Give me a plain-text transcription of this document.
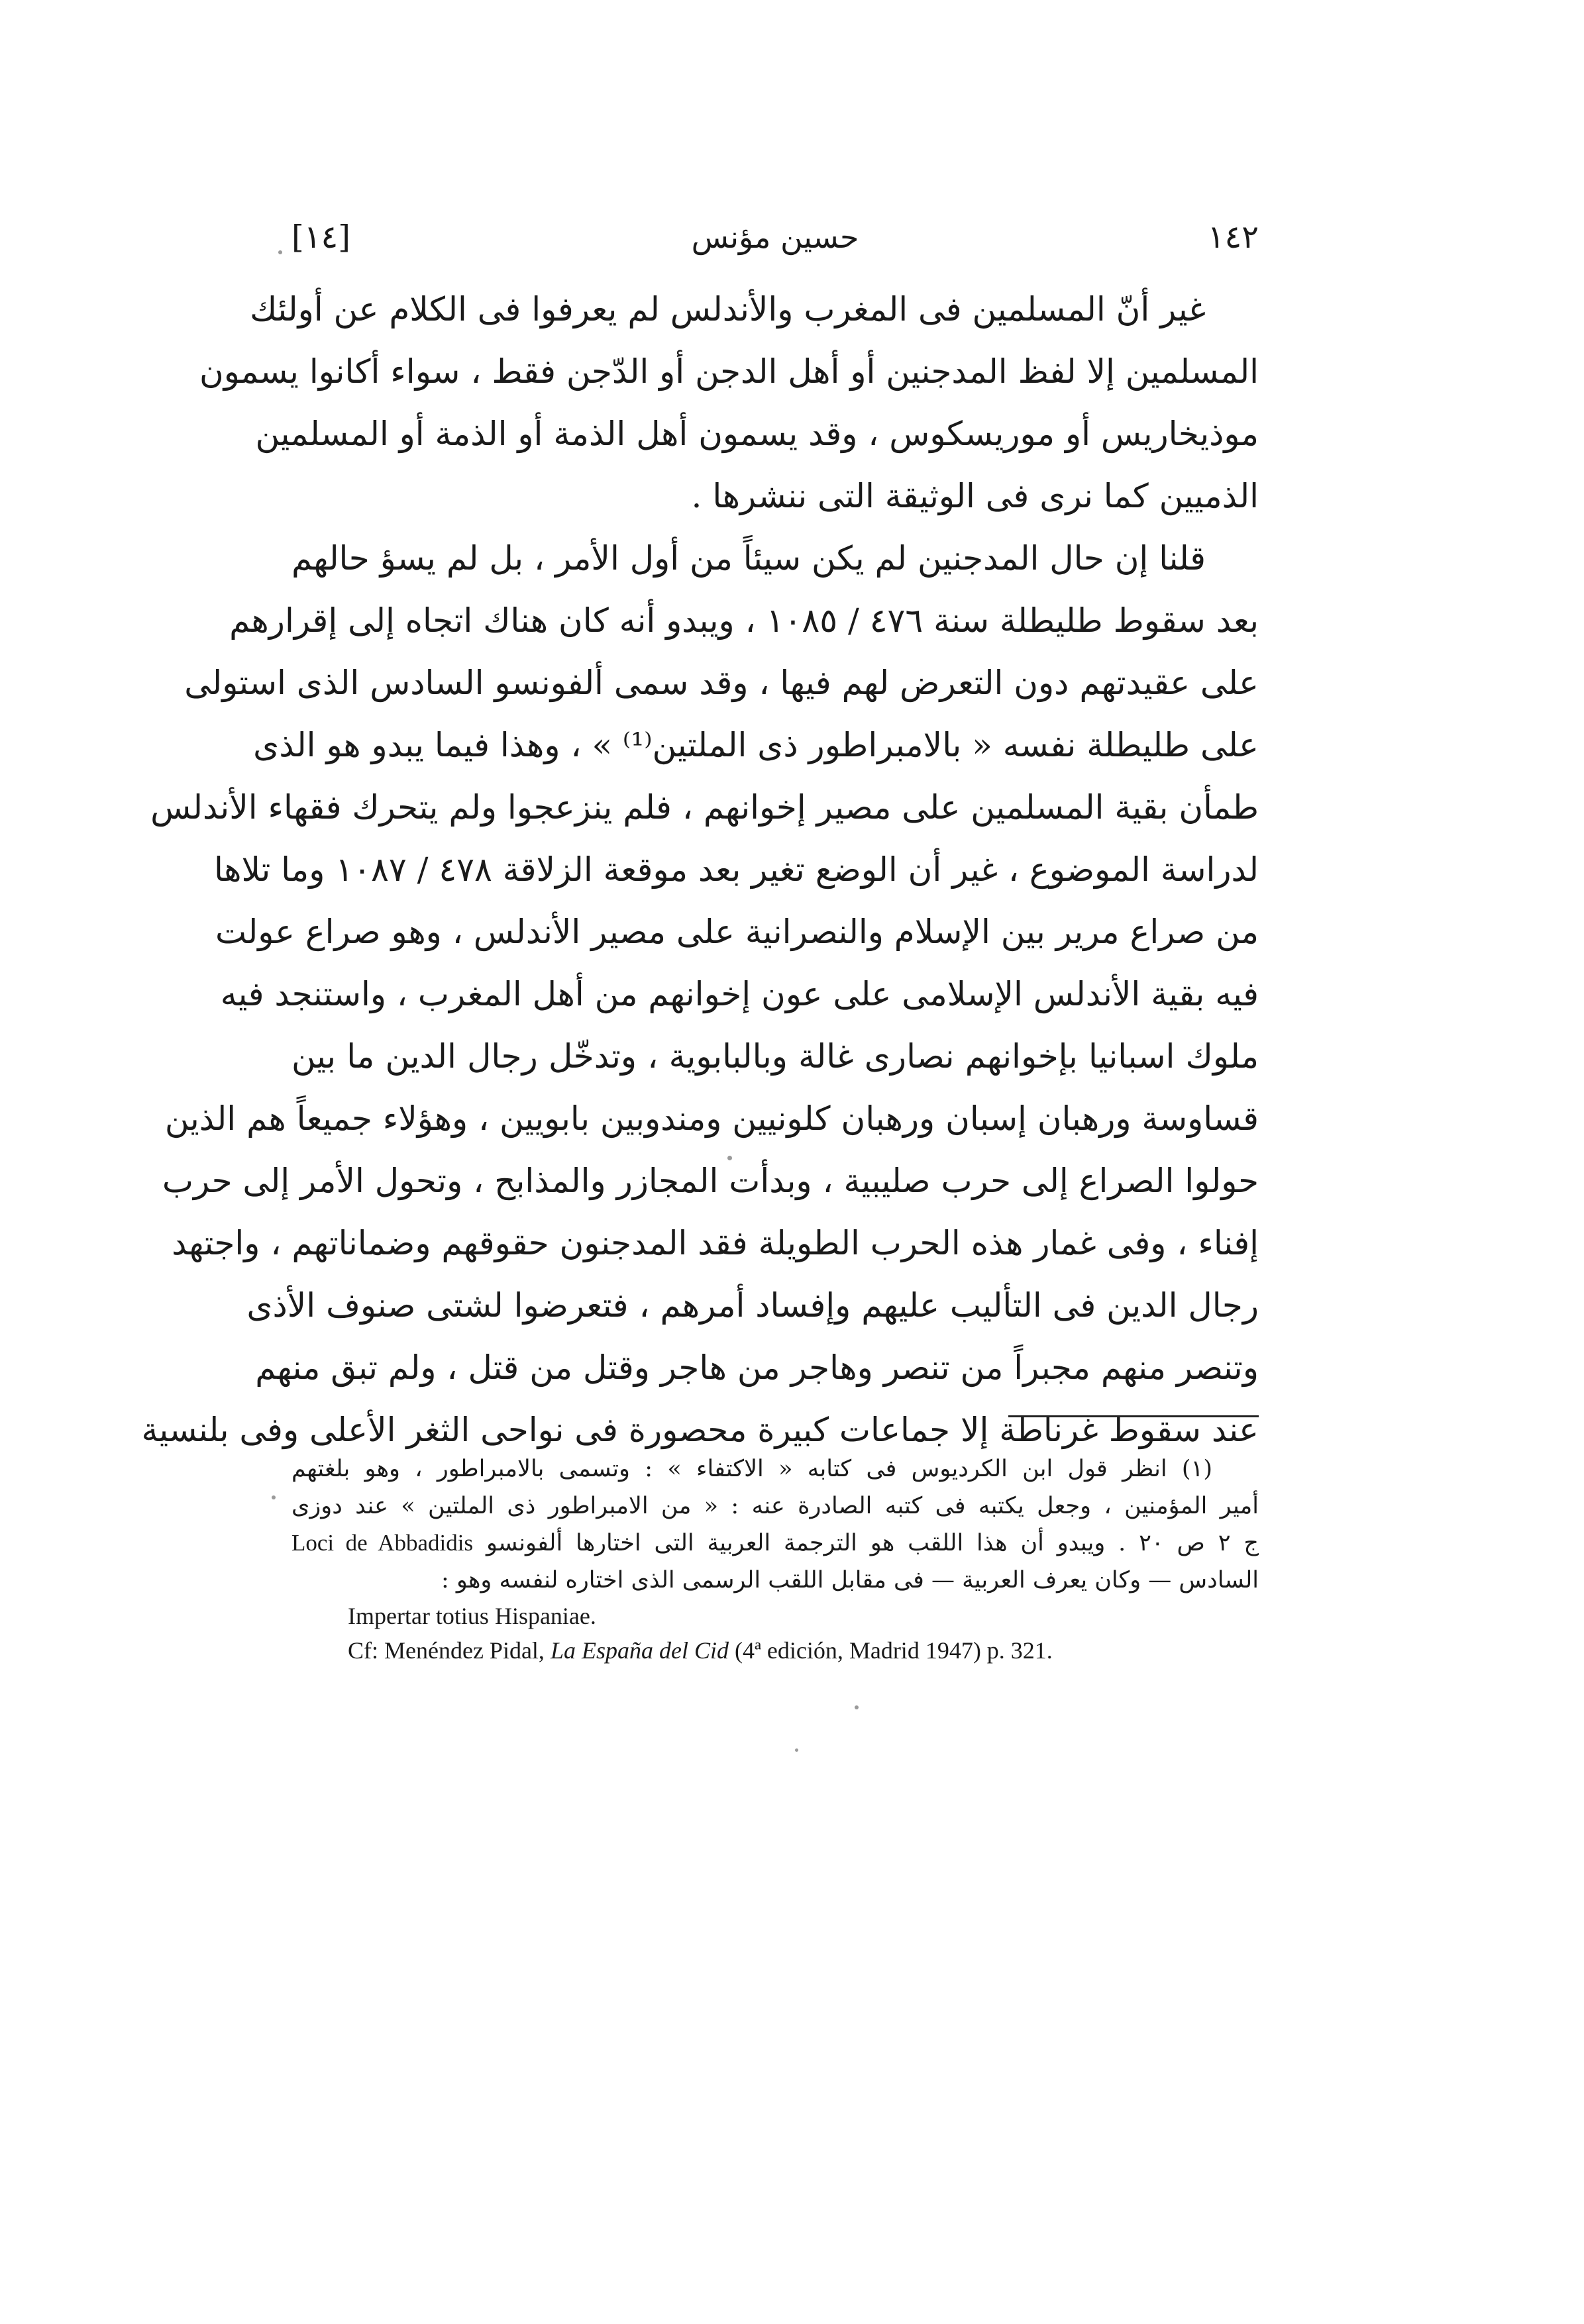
[١٤]	حسين مؤنس	١٤٢
غير أنّ المسلمين فى المغرب والأندلس لم يعرفوا فى الكلام عن أولئك
المسلمين إلا لفظ المدجنين أو أهل الدجن أو الدّجن فقط ، سواء أكانوا يسمون
موذيخاريس أو موريسكوس ، وقد يسمون أهل الذمة أو الذمة أو المسلمين
الذميين كما نرى فى الوثيقة التى ننشرها .
قلنا إن حال المدجنين لم يكن سيئاً من أول الأمر ، بل لم يسؤ حالهم
بعد سقوط طليطلة سنة ٤٧٦ / ١٠٨٥ ، ويبدو أنه كان هناك اتجاه إلى إقرارهم
على عقيدتهم دون التعرض لهم فيها ، وقد سمى ألفونسو السادس الذى استولى
على طليطلة نفسه « بالامبراطور ذى الملتين⁽¹⁾ » ، وهذا فيما يبدو هو الذى
طمأن بقية المسلمين على مصير إخوانهم ، فلم ينزعجوا ولم يتحرك فقهاء الأندلس
لدراسة الموضوع ، غير أن الوضع تغير بعد موقعة الزلاقة ٤٧٨ / ١٠٨٧ وما تلاها
من صراع مرير بين الإسلام والنصرانية على مصير الأندلس ، وهو صراع عولت
فيه بقية الأندلس الإسلامى على عون إخوانهم من أهل المغرب ، واستنجد فيه
ملوك اسبانيا بإخوانهم نصارى غالة وبالبابوية ، وتدخّل رجال الدين ما بين
قساوسة ورهبان إسبان ورهبان كلونيين ومندوبين بابويين ، وهؤلاء جميعاً هم الذين
حولوا الصراع إلى حرب صليبية ، وبدأت المجازر والمذابح ، وتحول الأمر إلى حرب
إفناء ، وفى غمار هذه الحرب الطويلة فقد المدجنون حقوقهم وضماناتهم ، واجتهد
رجال الدين فى التأليب عليهم وإفساد أمرهم ، فتعرضوا لشتى صنوف الأذى
وتنصر منهم مجبراً من تنصر وهاجر من هاجر وقتل من قتل ، ولم تبق منهم
عند سقوط غرناطة إلا جماعات كبيرة محصورة فى نواحى الثغر الأعلى وفى بلنسية
(١) انظر قول ابن الكرديوس فى كتابه « الاكتفاء » : وتسمى بالامبراطور ، وهو بلغتهم
أمير المؤمنين ، وجعل يكتبه فى كتبه الصادرة عنه : « من الامبراطور ذى الملتين » عند دوزى
ج ٢ ص ٢٠ . ويبدو أن هذا اللقب هو الترجمة العربية التى اختارها ألفونسو Loci de Abbadidis
السادس — وكان يعرف العربية — فى مقابل اللقب الرسمى الذى اختاره لنفسه وهو :
Impertar totius Hispaniae.
Cf: Menéndez Pidal, La España del Cid (4ª edición, Madrid 1947) p. 321.
